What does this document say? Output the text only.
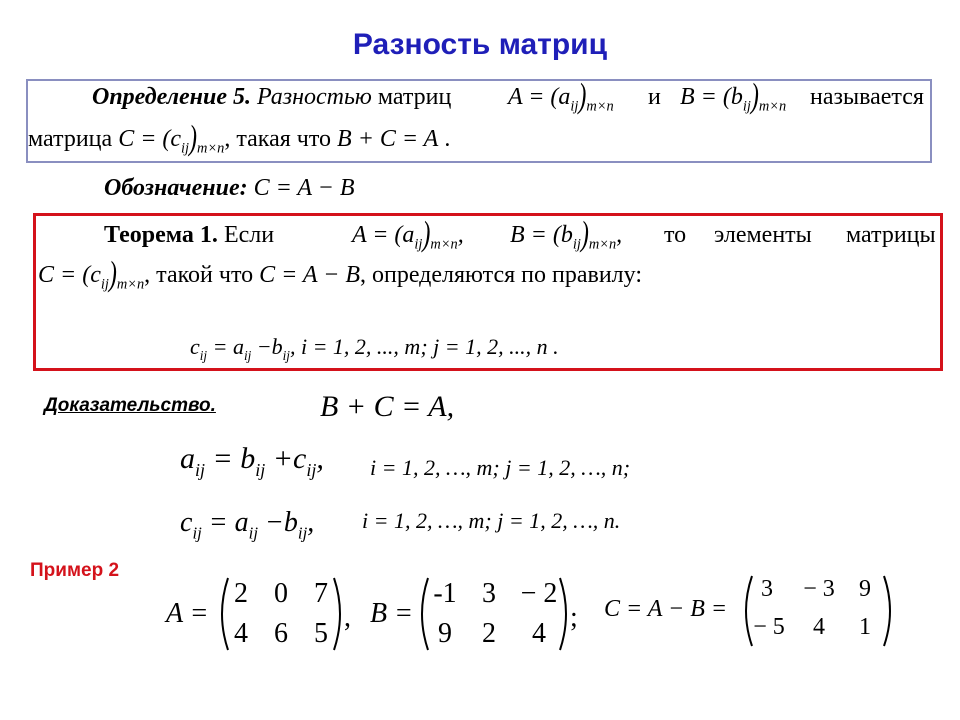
Разность матриц
Определение 5. Разностью матриц $A = (a_{ij})_{m\times n}$ и $B = (b_{ij})_{m\times n}$ называется
матрица $C = (c_{ij})_{m\times n}$, такая что B + C = A .
Обозначение: C = A − B
Теорема 1. Если	$A = (a_{ij})_{m\times n}$, $B = (b_{ij})_{m\times n}$, то элементы матрицы
$C = (c_{ij})_{m\times n}$, такой что C = A − B, определяются по правилу:
$c_{ij} = a_{ij} -b_{ij}$, i = 1, 2, ..., m; j = 1, 2, ..., n .
Доказательство.	B + C = A,
$a_{ij} = b_{ij} +c_{ij}$, i = 1, 2, …, m; j = 1, 2, …, n;
$c_{ij} = a_{ij} -b_{ij}$, i = 1, 2, …, m; j = 1, 2, …, n.
Пример 2
A =
2 0 7
4 6 5
, B =
-1 3 − 2
9	2	4
; C = A − B =
3	− 3	9
− 5	4	1
